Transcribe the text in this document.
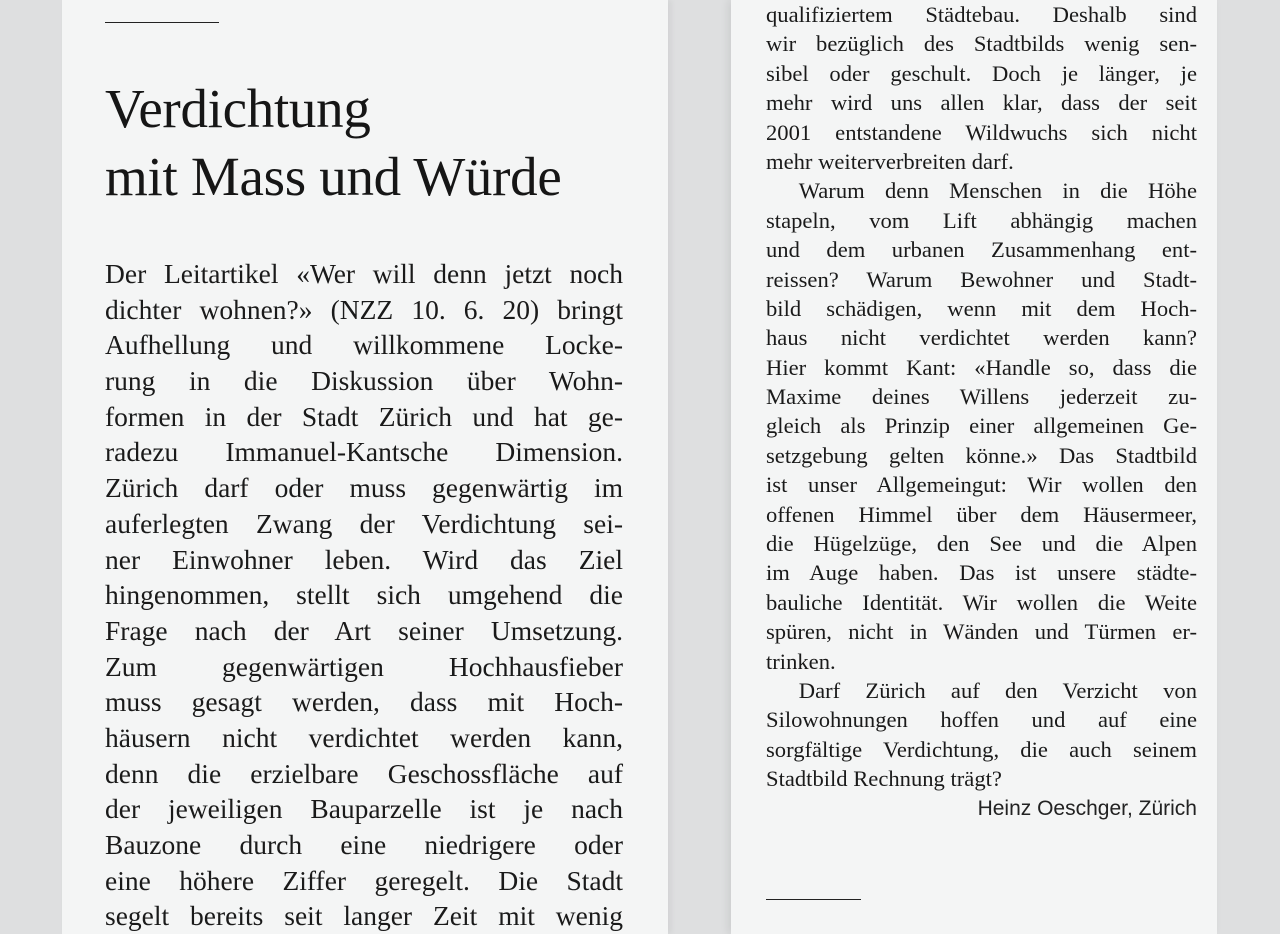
Verdichtung
mit Mass und Würde
Der Leitartikel «Wer will denn jetzt noch
dichter wohnen?» (NZZ 10. 6. 20) bringt
Aufhellung und willkommene Locke-
rung in die Diskussion über Wohn-
formen in der Stadt Zürich und hat ge-
radezu Immanuel-Kantsche Dimension.
Zürich darf oder muss gegenwärtig im
auferlegten Zwang der Verdichtung sei-
ner Einwohner leben. Wird das Ziel
hingenommen, stellt sich umgehend die
Frage nach der Art seiner Umsetzung.
Zum gegenwärtigen Hochhausfieber
muss gesagt werden, dass mit Hoch-
häusern nicht verdichtet werden kann,
denn die erzielbare Geschossfläche auf
der jeweiligen Bauparzelle ist je nach
Bauzone durch eine niedrigere oder
eine höhere Ziffer geregelt. Die Stadt
segelt bereits seit langer Zeit mit wenig
qualifiziertem Städtebau. Deshalb sind
wir bezüglich des Stadtbilds wenig sen-
sibel oder geschult. Doch je länger, je
mehr wird uns allen klar, dass der seit
2001 entstandene Wildwuchs sich nicht
mehr weiterverbreiten darf.
Warum denn Menschen in die Höhe
stapeln, vom Lift abhängig machen
und dem urbanen Zusammenhang ent-
reissen? Warum Bewohner und Stadt-
bild schädigen, wenn mit dem Hoch-
haus nicht verdichtet werden kann?
Hier kommt Kant: «Handle so, dass die
Maxime deines Willens jederzeit zu-
gleich als Prinzip einer allgemeinen Ge-
setzgebung gelten könne.» Das Stadtbild
ist unser Allgemeingut: Wir wollen den
offenen Himmel über dem Häusermeer,
die Hügelzüge, den See und die Alpen
im Auge haben. Das ist unsere städte-
bauliche Identität. Wir wollen die Weite
spüren, nicht in Wänden und Türmen er-
trinken.
Darf Zürich auf den Verzicht von
Silowohnungen hoffen und auf eine
sorgfältige Verdichtung, die auch seinem
Stadtbild Rechnung trägt?
Heinz Oeschger, Zürich
